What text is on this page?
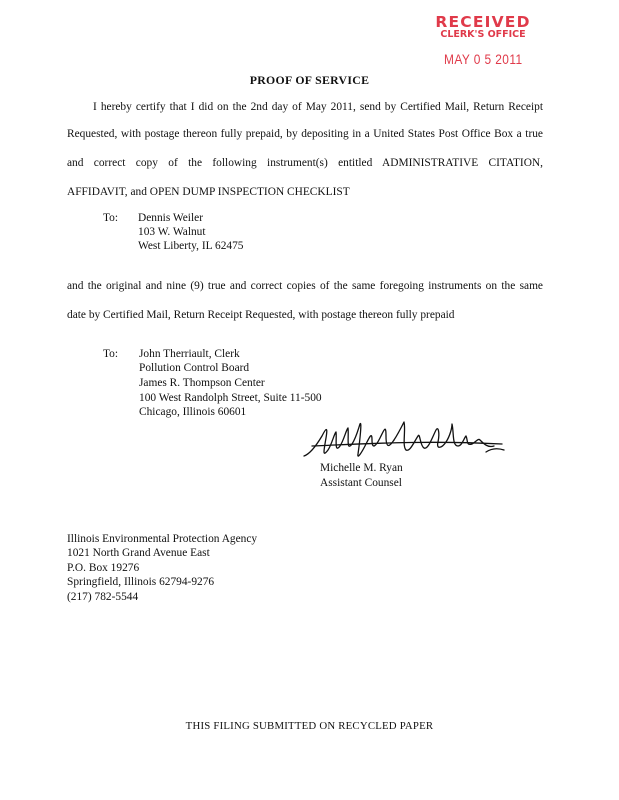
RECEIVED
CLERK'S OFFICE
MAY 0 5 2011
PROOF OF SERVICE
I hereby certify that I did on the 2nd day of May 2011, send by Certified Mail, Return Receipt
Requested, with postage thereon fully prepaid, by depositing in a United States Post Office Box a true
and correct copy of the following instrument(s) entitled ADMINISTRATIVE CITATION,
AFFIDAVIT, and OPEN DUMP INSPECTION CHECKLIST
To: Dennis Weiler
103 W. Walnut
West Liberty, IL 62475
and the original and nine (9) true and correct copies of the same foregoing instruments on the same
date by Certified Mail, Return Receipt Requested, with postage thereon fully prepaid
To: John Therriault, Clerk
Pollution Control Board
James R. Thompson Center
100 West Randolph Street, Suite 11-500
Chicago, Illinois 60601
Michelle M. Ryan
Assistant Counsel
Illinois Environmental Protection Agency
1021 North Grand Avenue East
P.O. Box 19276
Springfield, Illinois 62794-9276
(217) 782-5544
THIS FILING SUBMITTED ON RECYCLED PAPER
